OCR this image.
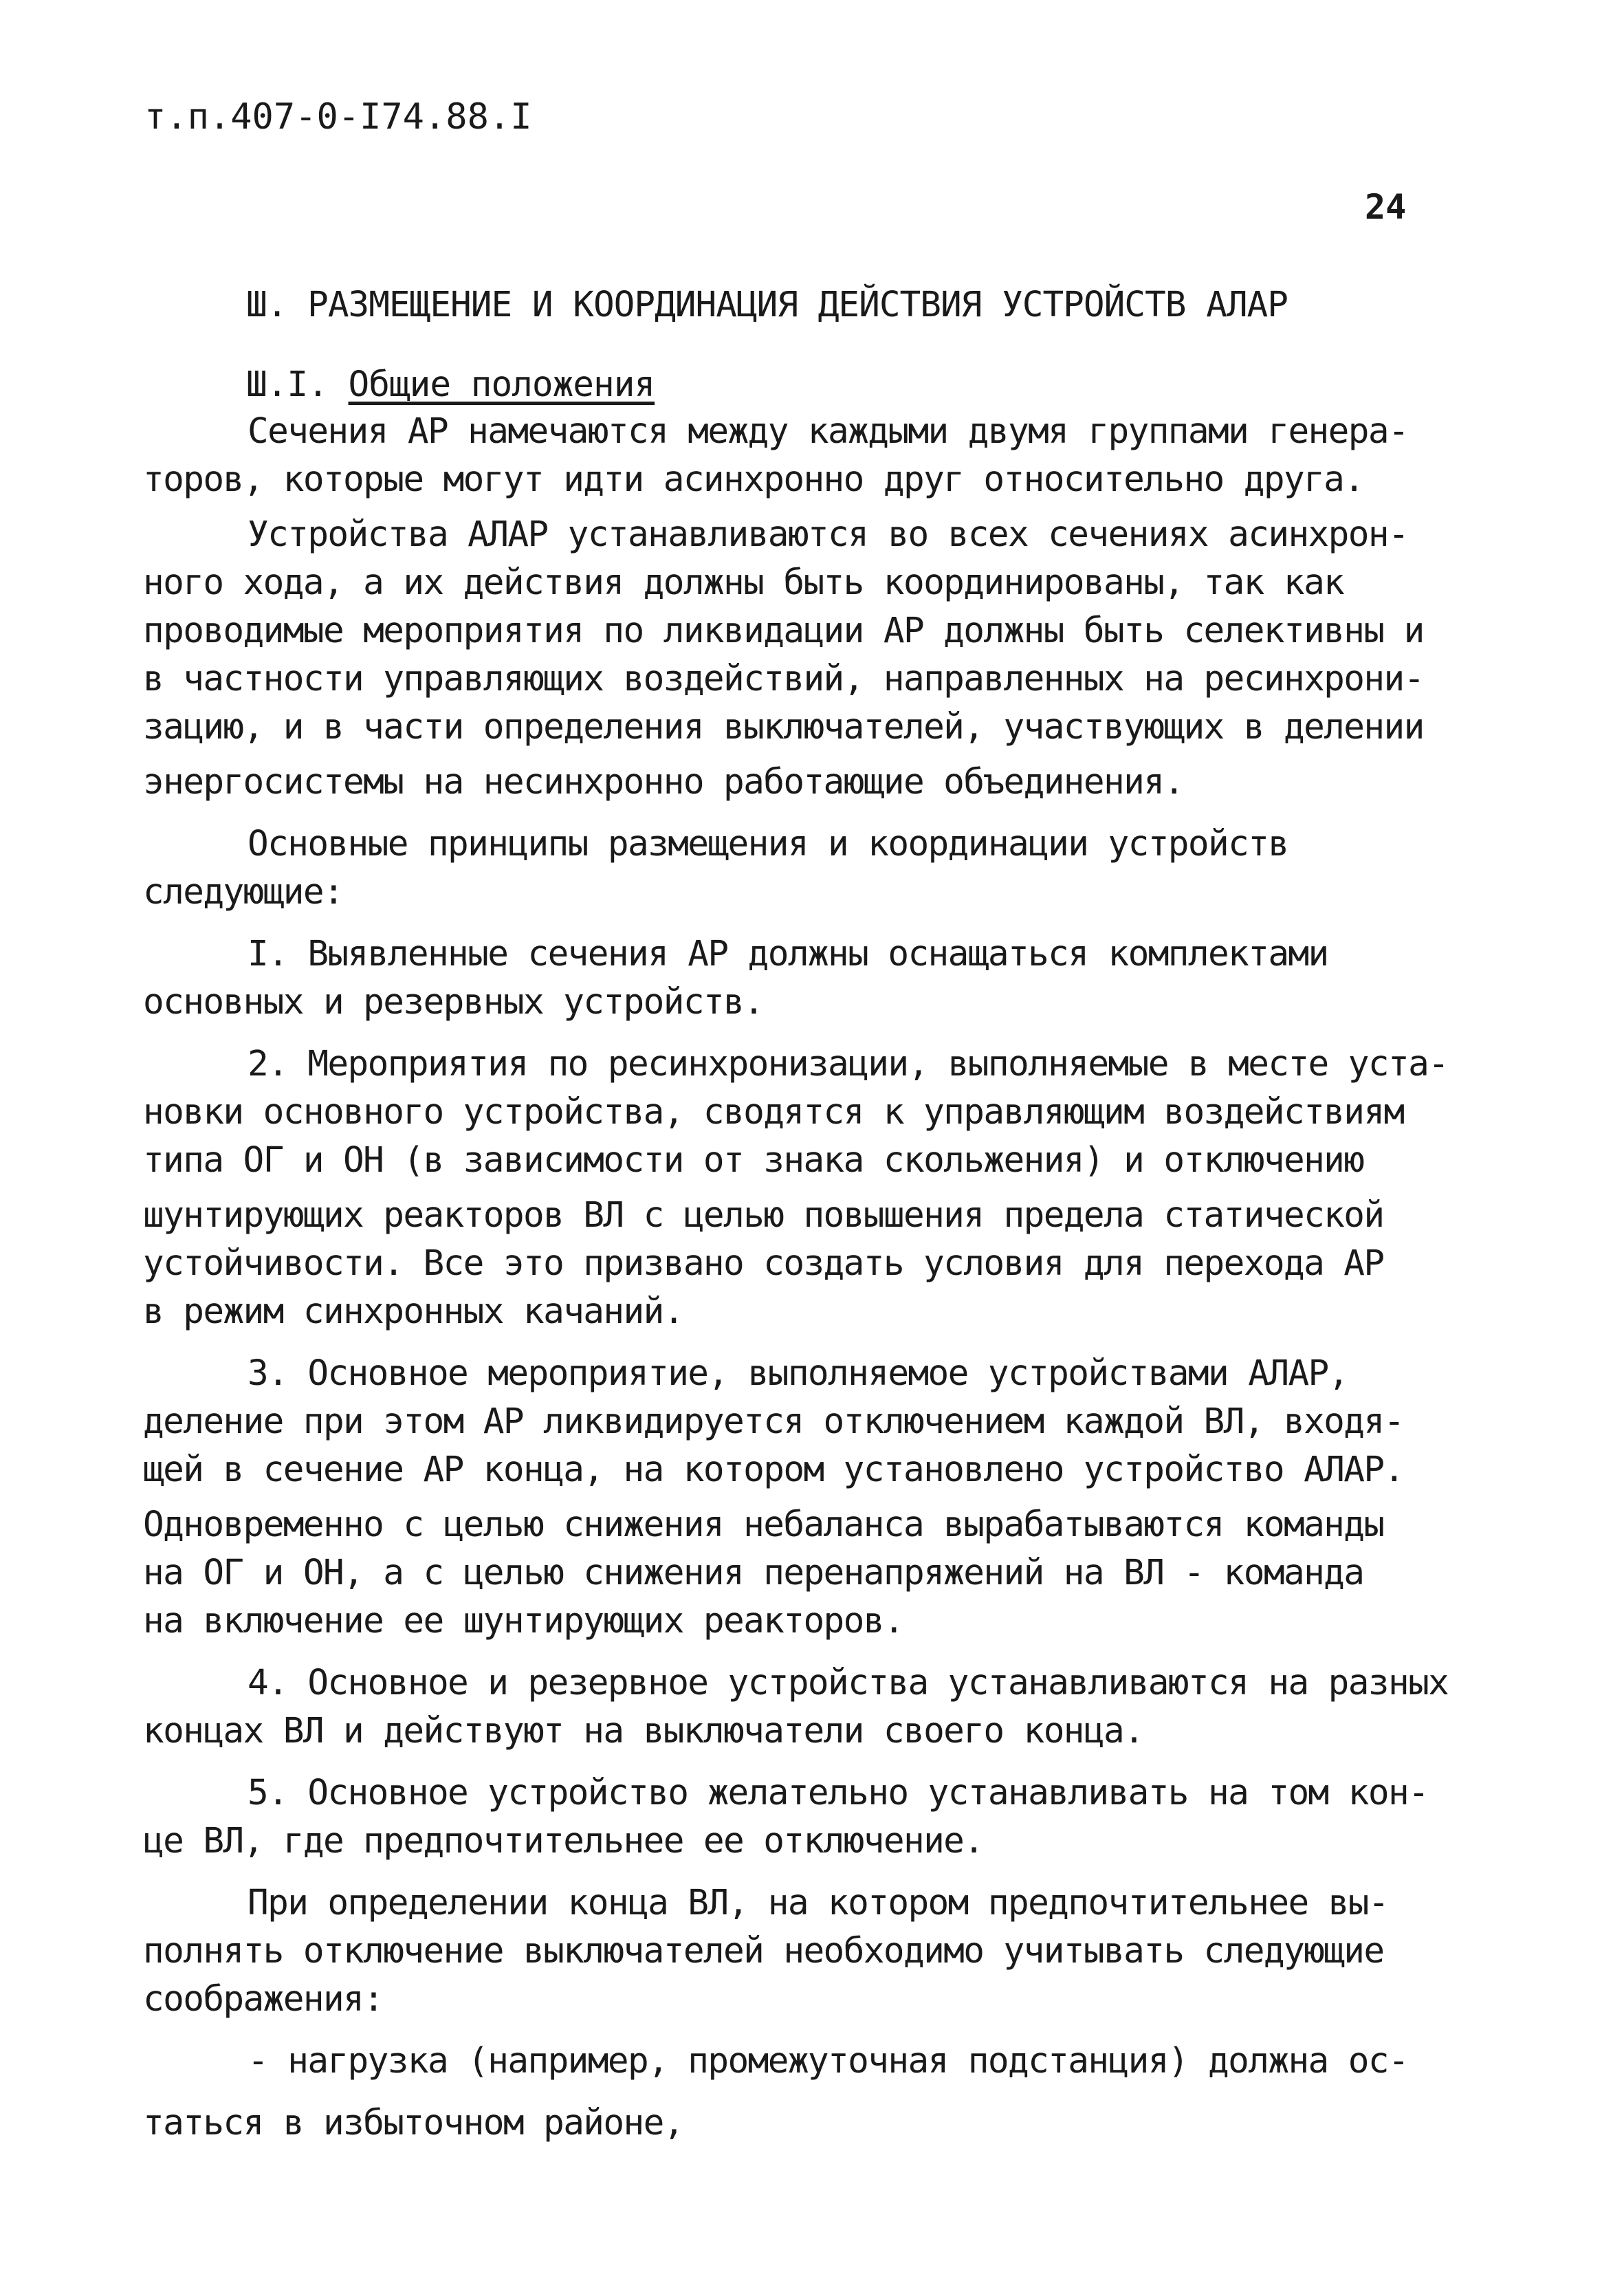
т.п.407-0-I74.88.I
24
Ш. РАЗМЕЩЕНИЕ И КООРДИНАЦИЯ ДЕЙСТВИЯ УСТРОЙСТВ АЛАР
Ш.I. Общие положения
Сечения АР намечаются между каждыми двумя группами генера-
торов, которые могут идти асинхронно друг относительно друга.
Устройства АЛАР устанавливаются во всех сечениях асинхрон-
ного хода, а их действия должны быть координированы, так как
проводимые мероприятия по ликвидации АР должны быть селективны и
в частности управляющих воздействий, направленных на ресинхрони-
зацию, и в части определения выключателей, участвующих в делении
энергосистемы на несинхронно работающие объединения.
Основные принципы размещения и координации устройств
следующие:
I. Выявленные сечения АР должны оснащаться комплектами
основных и резервных устройств.
2. Мероприятия по ресинхронизации, выполняемые в месте уста-
новки основного устройства, сводятся к управляющим воздействиям
типа ОГ и ОН (в зависимости от знака скольжения) и отключению
шунтирующих реакторов ВЛ с целью повышения предела статической
устойчивости. Все это призвано создать условия для перехода АР
в режим синхронных качаний.
3. Основное мероприятие, выполняемое устройствами АЛАР,
деление при этом АР ликвидируется отключением каждой ВЛ, входя-
щей в сечение АР конца, на котором установлено устройство АЛАР.
Одновременно с целью снижения небаланса вырабатываются команды
на ОГ и ОН, а с целью снижения перенапряжений на ВЛ - команда
на включение ее шунтирующих реакторов.
4. Основное и резервное устройства устанавливаются на разных
концах ВЛ и действуют на выключатели своего конца.
5. Основное устройство желательно устанавливать на том кон-
це ВЛ, где предпочтительнее ее отключение.
При определении конца ВЛ, на котором предпочтительнее вы-
полнять отключение выключателей необходимо учитывать следующие
соображения:
- нагрузка (например, промежуточная подстанция) должна ос-
таться в избыточном районе,
